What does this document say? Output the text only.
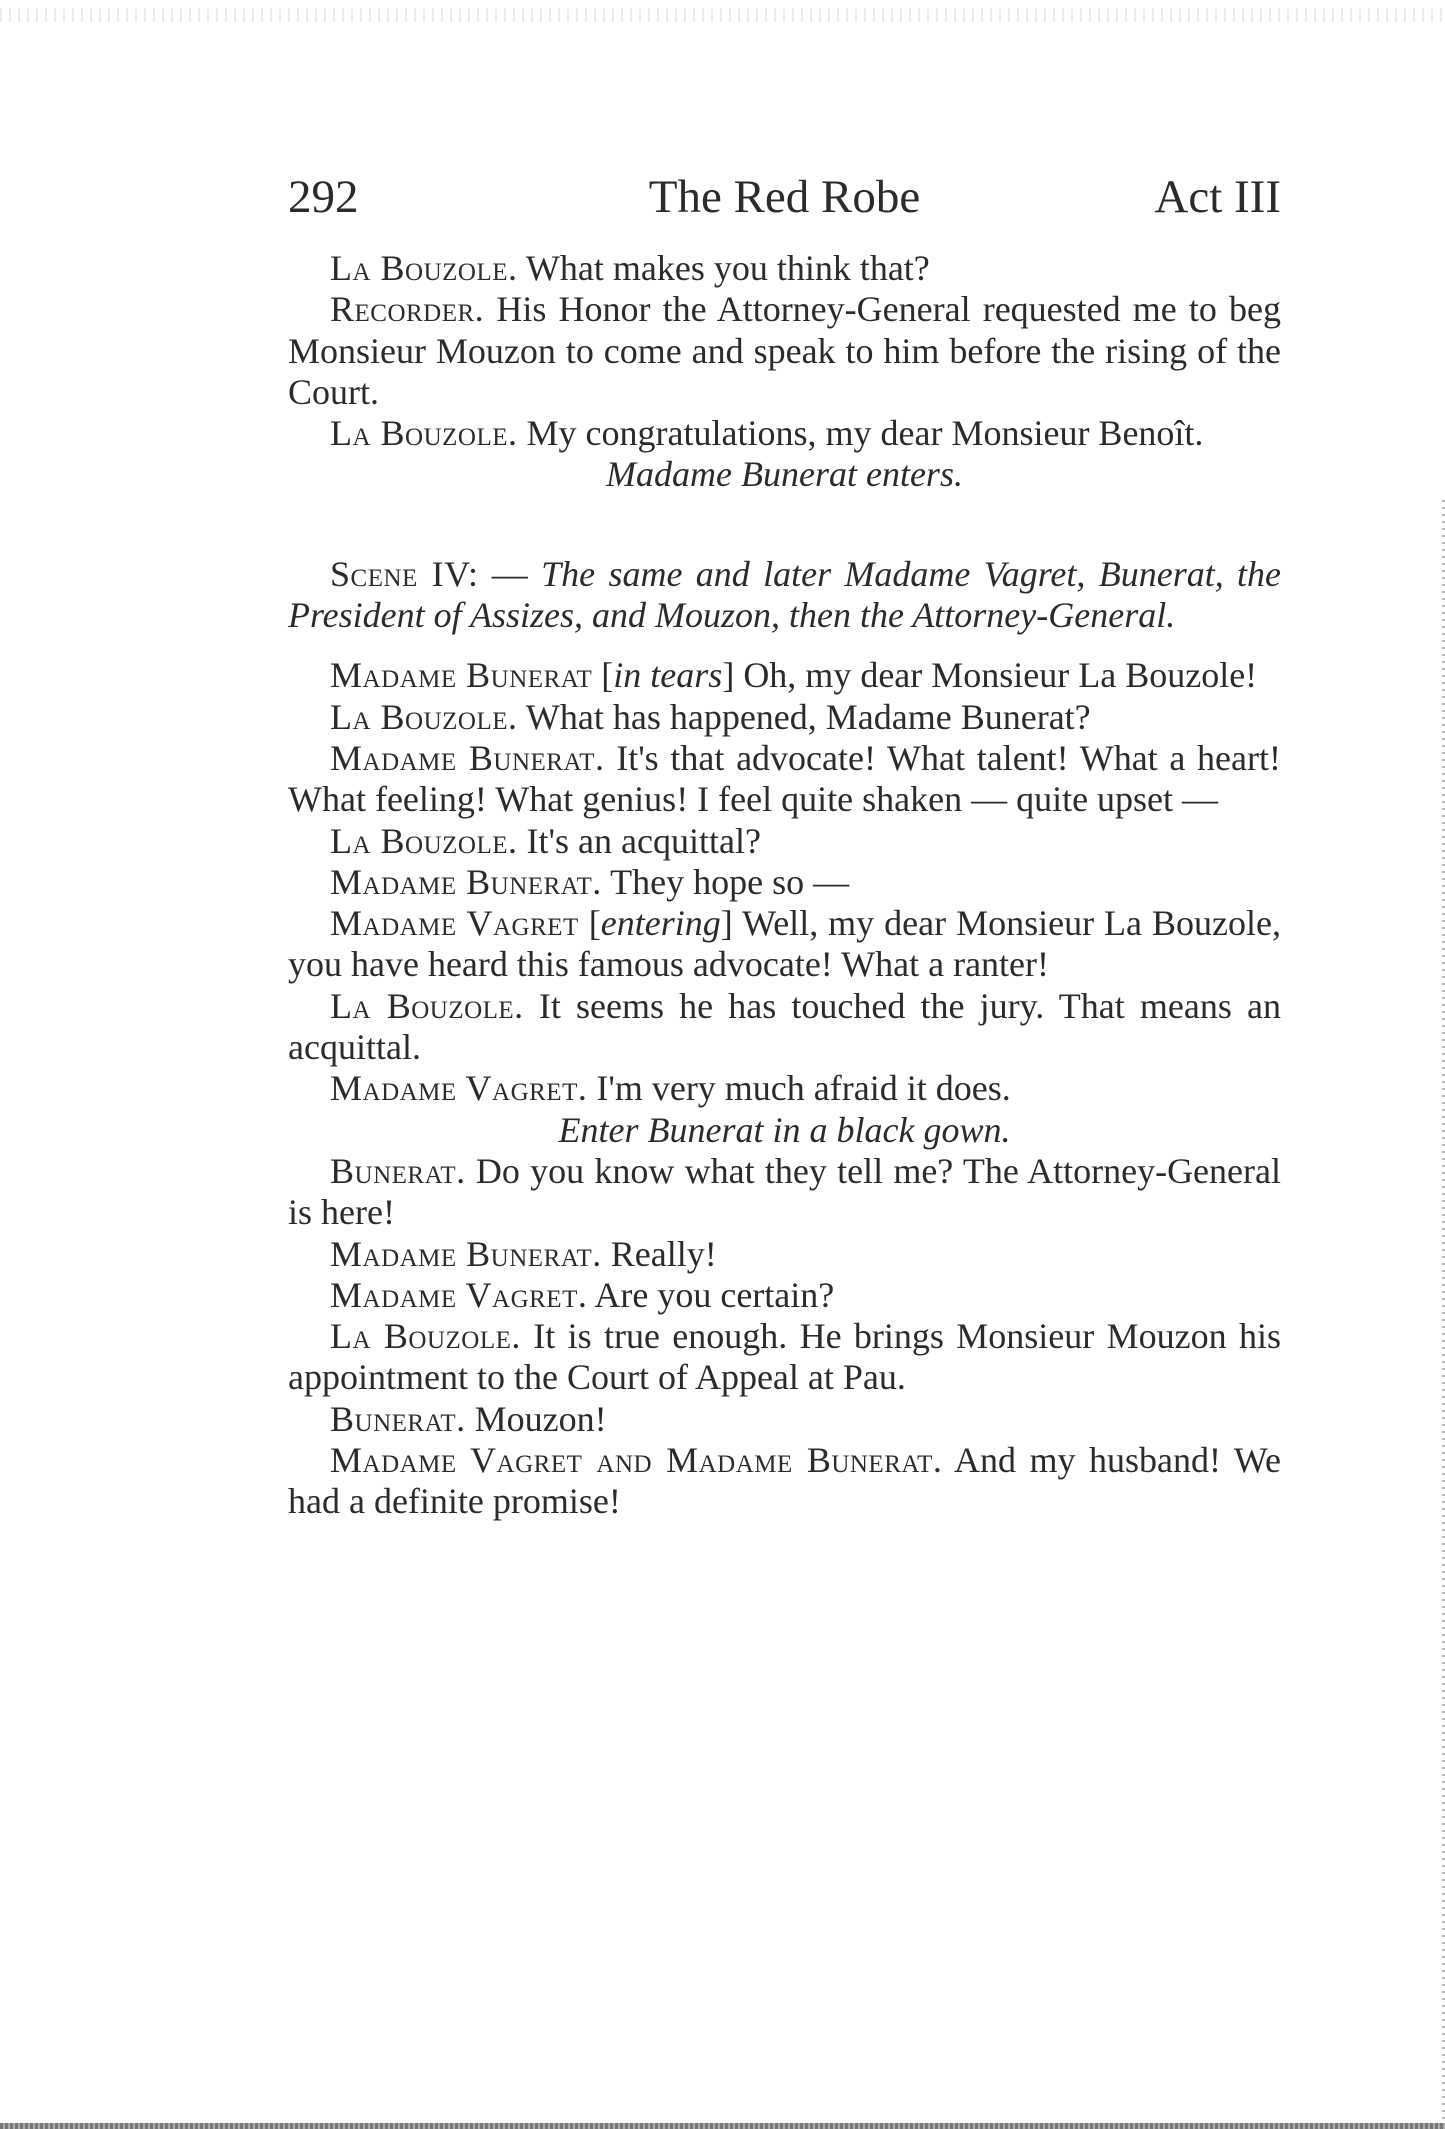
292	The Red Robe	Act III

La Bouzole. What makes you think that?

Recorder. His Honor the Attorney-General requested me to beg Monsieur Mouzon to come and speak to him before the rising of the Court.

La Bouzole. My congratulations, my dear Monsieur Benoît.

Madame Bunerat enters.

Scene IV: — The same and later Madame Vagret, Bunerat, the President of Assizes, and Mouzon, then the Attorney-General.

Madame Bunerat [in tears] Oh, my dear Monsieur La Bouzole!

La Bouzole. What has happened, Madame Bunerat?

Madame Bunerat. It's that advocate! What talent! What a heart! What feeling! What genius! I feel quite shaken — quite upset —

La Bouzole. It's an acquittal?

Madame Bunerat. They hope so —

Madame Vagret [entering] Well, my dear Monsieur La Bouzole, you have heard this famous advocate! What a ranter!

La Bouzole. It seems he has touched the jury. That means an acquittal.

Madame Vagret. I'm very much afraid it does.

Enter Bunerat in a black gown.

Bunerat. Do you know what they tell me? The Attorney-General is here!

Madame Bunerat. Really!

Madame Vagret. Are you certain?

La Bouzole. It is true enough. He brings Monsieur Mouzon his appointment to the Court of Appeal at Pau.

Bunerat. Mouzon!

Madame Vagret and Madame Bunerat. And my husband! We had a definite promise!
